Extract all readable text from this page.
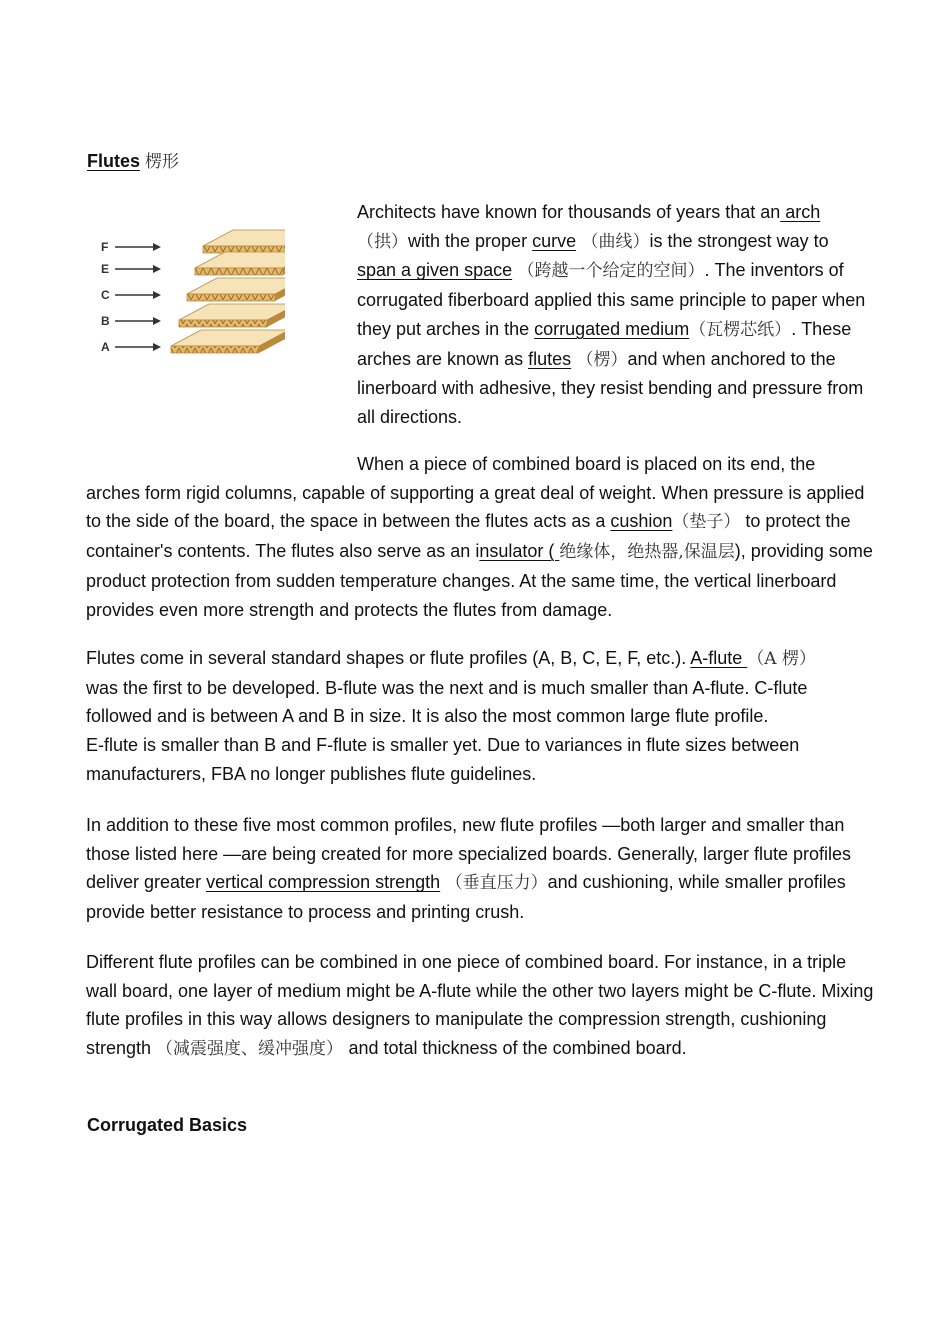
Flutes 楞形
F
E
C
B
A

Architects have known for thousands of years that an arch
（拱）with the proper curve （曲线）is the strongest way to span a given space （跨越一个给定的空间）. The inventors of corrugated fiberboard applied this same principle to paper when they put arches in the corrugated medium（瓦楞芯纸）. These arches are known as flutes （楞）and when anchored to the linerboard with adhesive, they resist bending and pressure from all directions.

When a piece of combined board is placed on its end, the
arches form rigid columns, capable of supporting a great deal of weight. When pressure is applied to the side of the board, the space in between the flutes acts as a cushion（垫子） to protect the container's contents. The flutes also serve as an insulator ( 绝缘体，绝热器,保温层), providing some product protection from sudden temperature changes. At the same time, the vertical linerboard provides even more strength and protects the flutes from damage.

Flutes come in several standard shapes or flute profiles (A, B, C, E, F, etc.). A-flute （A 楞）
was the first to be developed. B-flute was the next and is much smaller than A-flute. C-flute followed and is between A and B in size. It is also the most common large flute profile.
E-flute is smaller than B and F-flute is smaller yet. Due to variances in flute sizes between manufacturers, FBA no longer publishes flute guidelines.

In addition to these five most common profiles, new flute profiles —both larger and smaller than those listed here —are being created for more specialized boards. Generally, larger flute profiles deliver greater vertical compression strength （垂直压力）and cushioning, while smaller profiles provide better resistance to process and printing crush.

Different flute profiles can be combined in one piece of combined board. For instance, in a triple wall board, one layer of medium might be A-flute while the other two layers might be C-flute. Mixing flute profiles in this way allows designers to manipulate the compression strength, cushioning strength （减震强度、缓冲强度） and total thickness of the combined board.

Corrugated Basics
